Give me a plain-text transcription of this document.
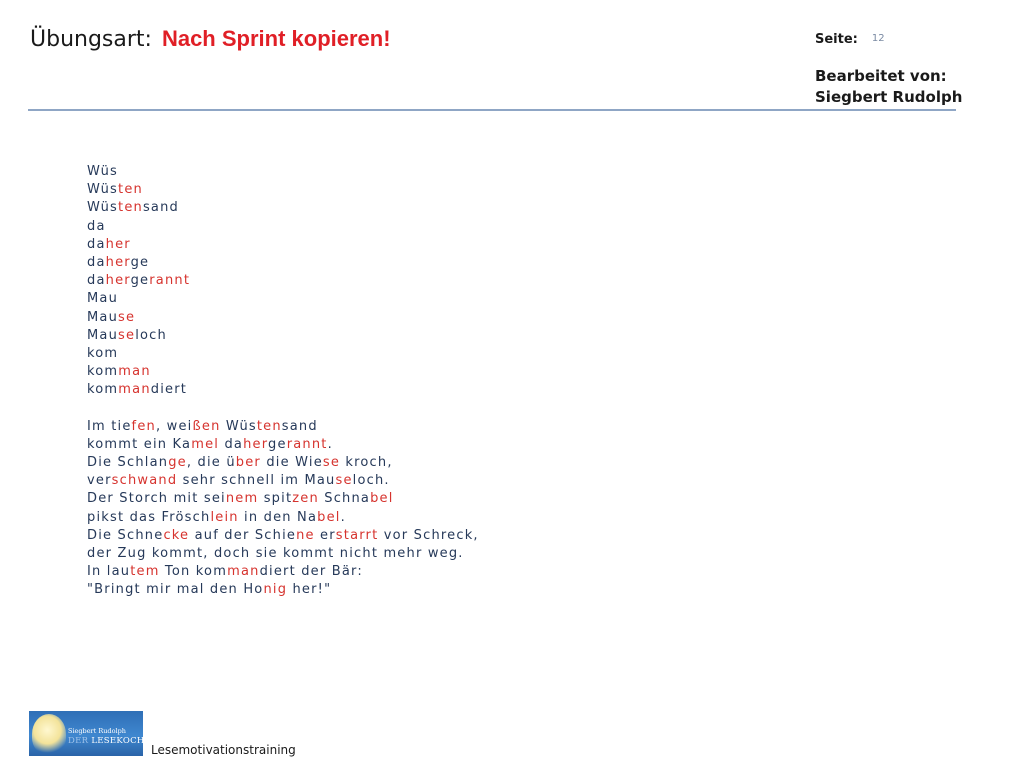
Übungsart: Nach Sprint kopieren!	Seite: 12
Bearbeitet von:
Siegbert Rudolph
Wüs
Wüsten
Wüstensand
da
daher
daherge
dahergerannt
Mau
Mause
Mauseloch
kom
komman
kommandiert
Im tiefen, weißen Wüstensand
kommt ein Kamel dahergerannt.
Die Schlange, die über die Wiese kroch,
verschwand sehr schnell im Mauseloch.
Der Storch mit seinem spitzen Schnabel
pikst das Fröschlein in den Nabel.
Die Schnecke auf der Schiene erstarrt vor Schreck,
der Zug kommt, doch sie kommt nicht mehr weg.
In lautem Ton kommandiert der Bär:
"Bringt mir mal den Honig her!"
Siegbert Rudolph
DER LESEKOCH
Lesemotivationstraining
